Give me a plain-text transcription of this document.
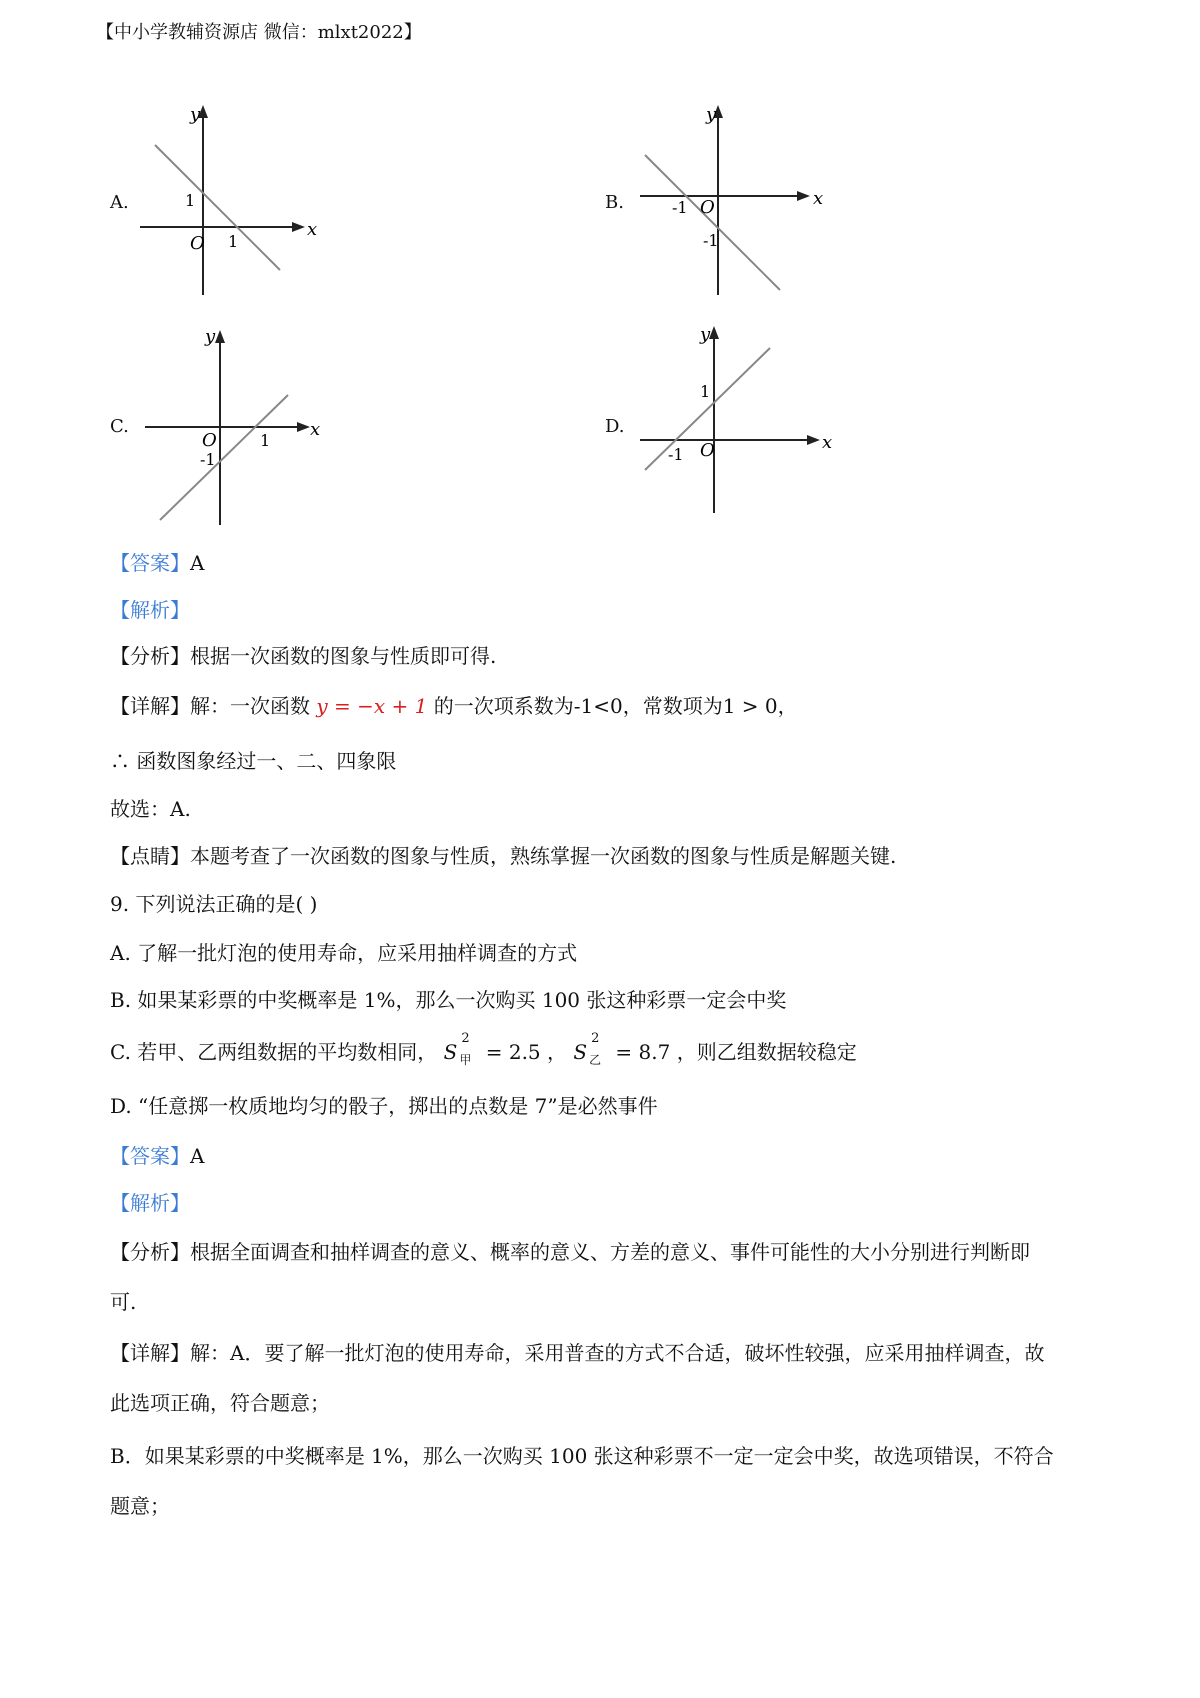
【中小学教辅资源店 微信：mlxt2022】
A.
y
x
O
1
1
B.
y
x
O
-1
-1
C.
y
x
O
-1
1
D.
y
x
O
1
-1
【答案】A
【解析】
【分析】根据一次函数的图象与性质即可得.
【详解】解：一次函数 y = −x + 1 的一次项系数为-1<0，常数项为1 > 0，
∴ 函数图象经过一、二、四象限
故选：A.
【点睛】本题考查了一次函数的图象与性质，熟练掌握一次函数的图象与性质是解题关键.
9. 下列说法正确的是( )
A. 了解一批灯泡的使用寿命，应采用抽样调查的方式
B. 如果某彩票的中奖概率是 1%，那么一次购买 100 张这种彩票一定会中奖
C. 若甲、乙两组数据的平均数相同， S
2
甲 = 2.5 ， S
2
乙 = 8.7 ，则乙组数据较稳定
D. “任意掷一枚质地均匀的骰子，掷出的点数是 7”是必然事件
【答案】A
【解析】
【分析】根据全面调查和抽样调查的意义、概率的意义、方差的意义、事件可能性的大小分别进行判断即
可.
【详解】解：A．要了解一批灯泡的使用寿命，采用普查的方式不合适，破坏性较强，应采用抽样调查，故
此选项正确，符合题意；
B．如果某彩票的中奖概率是 1%，那么一次购买 100 张这种彩票不一定一定会中奖，故选项错误，不符合
题意；
